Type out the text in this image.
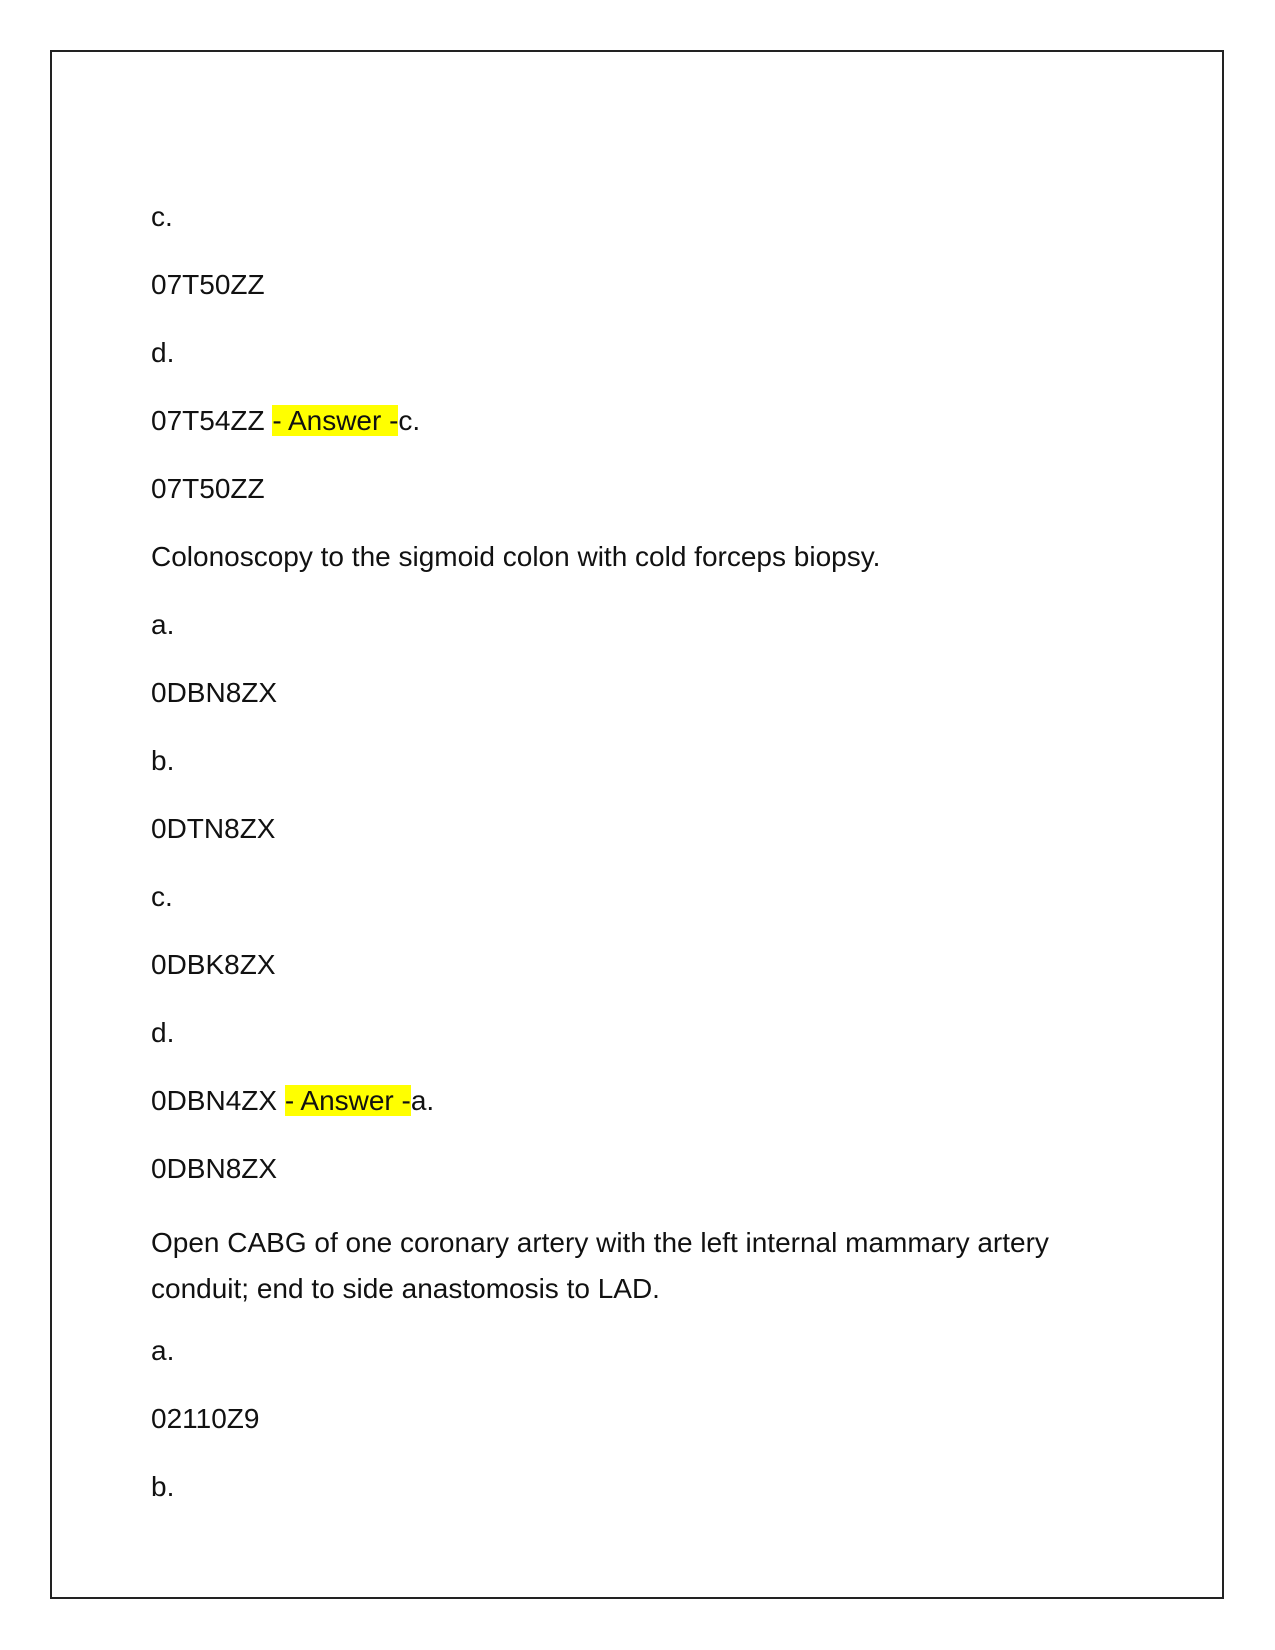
c.
07T50ZZ
d.
07T54ZZ - Answer -c.
07T50ZZ
Colonoscopy to the sigmoid colon with cold forceps biopsy.
a.
0DBN8ZX
b.
0DTN8ZX
c.
0DBK8ZX
d.
0DBN4ZX - Answer -a.
0DBN8ZX
Open CABG of one coronary artery with the left internal mammary artery conduit; end to side anastomosis to LAD.
a.
02110Z9
b.
